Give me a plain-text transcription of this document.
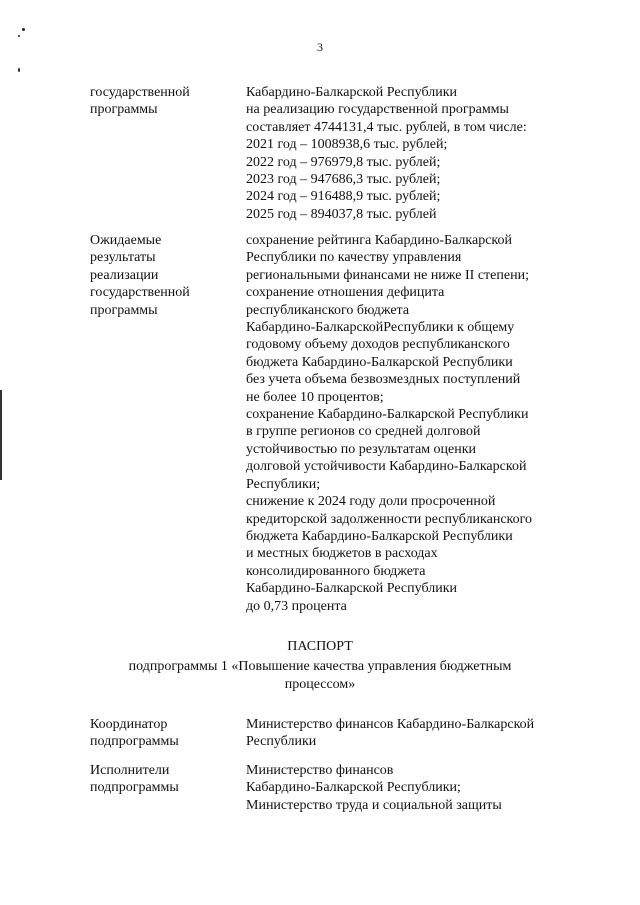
3
государственной
программы
Кабардино-Балкарской Республики
на реализацию государственной программы
составляет 4744131,4 тыс. рублей, в том числе:
2021 год – 1008938,6 тыс. рублей;
2022 год – 976979,8 тыс. рублей;
2023 год – 947686,3 тыс. рублей;
2024 год – 916488,9 тыс. рублей;
2025 год – 894037,8 тыс. рублей
Ожидаемые
результаты
реализации
государственной
программы
сохранение рейтинга Кабардино-Балкарской
Республики по качеству управления
региональными финансами не ниже II степени;
сохранение отношения дефицита
республиканского бюджета
Кабардино-БалкарскойРеспублики к общему
годовому объему доходов республиканского
бюджета Кабардино-Балкарской Республики
без учета объема безвозмездных поступлений
не более 10 процентов;
сохранение Кабардино-Балкарской Республики
в группе регионов со средней долговой
устойчивостью по результатам оценки
долговой устойчивости Кабардино-Балкарской
Республики;
снижение к 2024 году доли просроченной
кредиторской задолженности республиканского
бюджета Кабардино-Балкарской Республики
и местных бюджетов в расходах
консолидированного бюджета
Кабардино-Балкарской Республики
до 0,73 процента
ПАСПОРТ
подпрограммы 1 «Повышение качества управления бюджетным
процессом»
Координатор
подпрограммы
Министерство финансов Кабардино-Балкарской
Республики
Исполнители
подпрограммы
Министерство финансов
Кабардино-Балкарской Республики;
Министерство труда и социальной защиты
